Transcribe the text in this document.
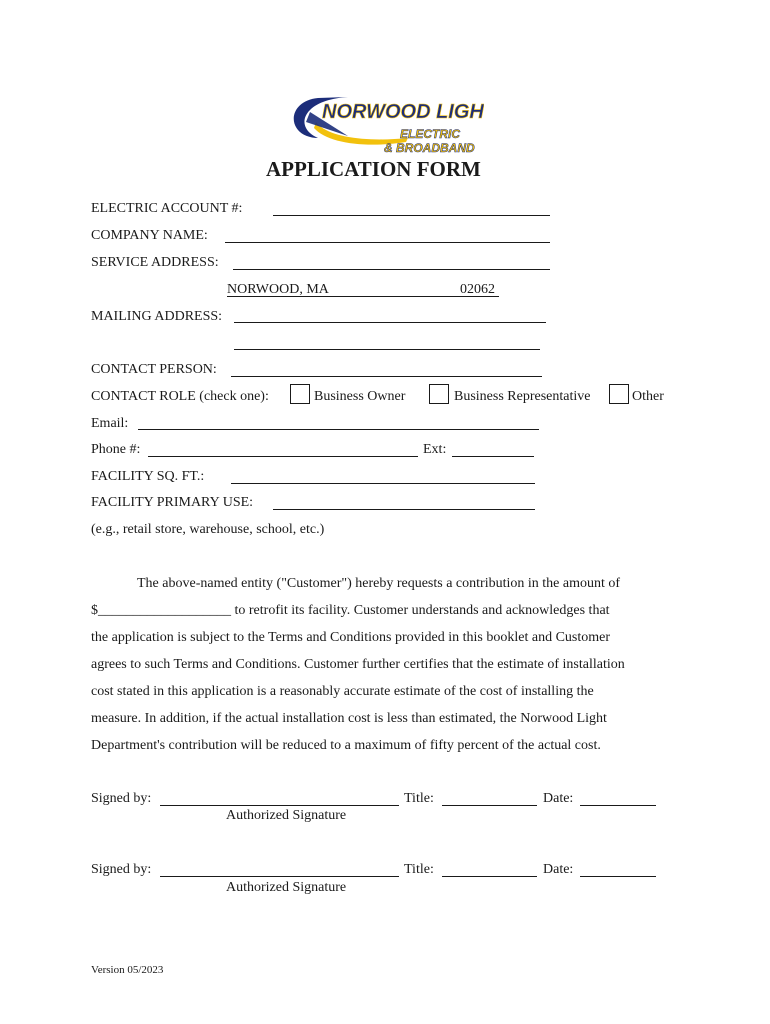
NORWOOD LIGHT
ELECTRIC
& BROADBAND
APPLICATION FORM
ELECTRIC ACCOUNT #:
COMPANY NAME:
SERVICE ADDRESS:
NORWOOD, MA	02062
MAILING ADDRESS:
CONTACT PERSON:
CONTACT ROLE (check one):	Business Owner	Business Representative	Other
Email:
Phone #:	Ext:
FACILITY SQ. FT.:
FACILITY PRIMARY USE:
(e.g., retail store, warehouse, school, etc.)
The above-named entity ("Customer") hereby requests a contribution in the amount of
$___________________ to retrofit its facility. Customer understands and acknowledges that
the application is subject to the Terms and Conditions provided in this booklet and Customer
agrees to such Terms and Conditions. Customer further certifies that the estimate of installation
cost stated in this application is a reasonably accurate estimate of the cost of installing the
measure. In addition, if the actual installation cost is less than estimated, the Norwood Light
Department's contribution will be reduced to a maximum of fifty percent of the actual cost.
Signed by:	Title:	Date:
Authorized Signature
Signed by:	Title:	Date:
Authorized Signature
Version 05/2023
